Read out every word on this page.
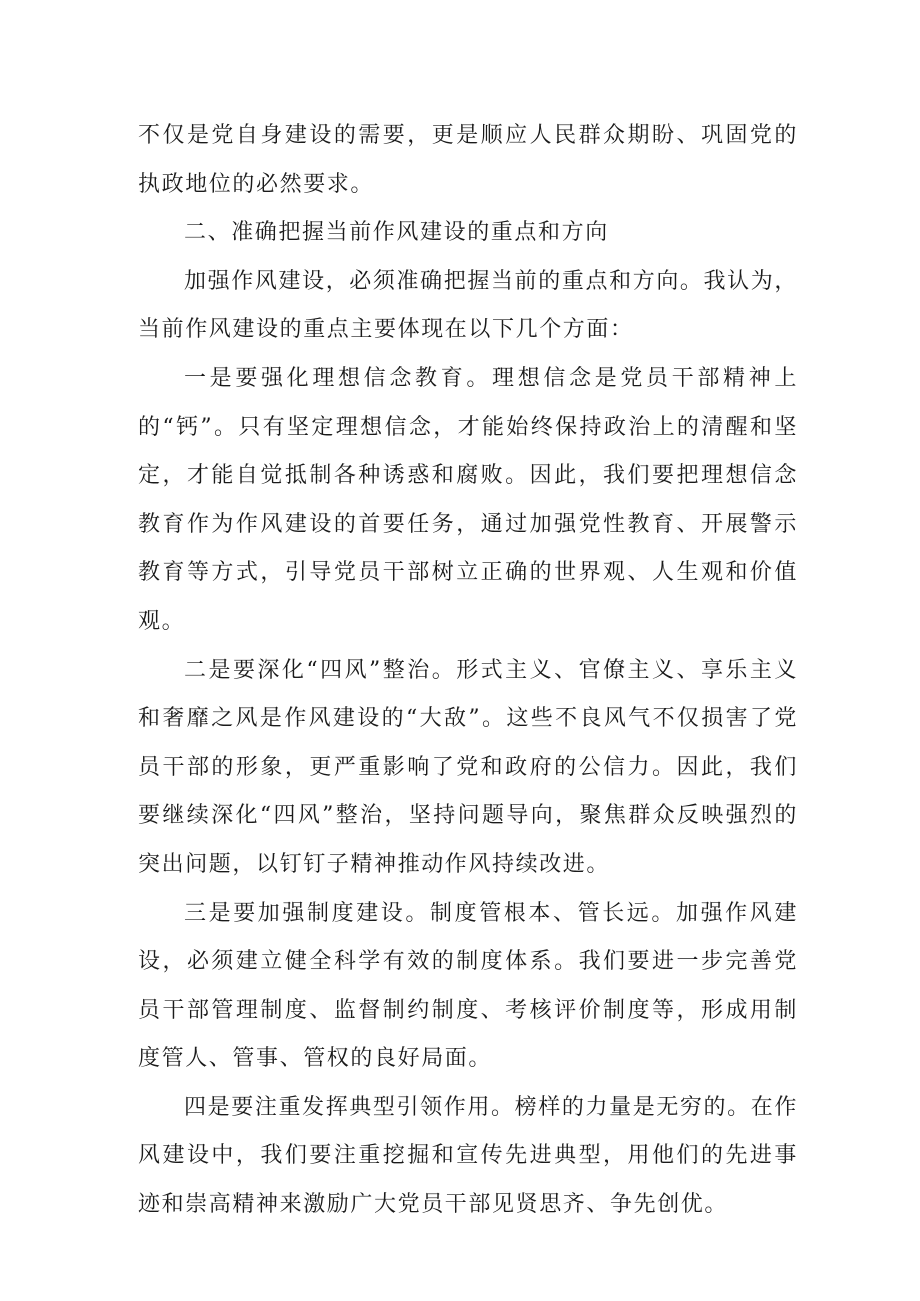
不仅是党自身建设的需要，更是顺应人民群众期盼、巩固党的执政地位的必然要求。

二、准确把握当前作风建设的重点和方向

加强作风建设，必须准确把握当前的重点和方向。我认为，当前作风建设的重点主要体现在以下几个方面：

一是要强化理想信念教育。理想信念是党员干部精神上的“钙”。只有坚定理想信念，才能始终保持政治上的清醒和坚定，才能自觉抵制各种诱惑和腐败。因此，我们要把理想信念教育作为作风建设的首要任务，通过加强党性教育、开展警示教育等方式，引导党员干部树立正确的世界观、人生观和价值观。

二是要深化“四风”整治。形式主义、官僚主义、享乐主义和奢靡之风是作风建设的“大敌”。这些不良风气不仅损害了党员干部的形象，更严重影响了党和政府的公信力。因此，我们要继续深化“四风”整治，坚持问题导向，聚焦群众反映强烈的突出问题，以钉钉子精神推动作风持续改进。

三是要加强制度建设。制度管根本、管长远。加强作风建设，必须建立健全科学有效的制度体系。我们要进一步完善党员干部管理制度、监督制约制度、考核评价制度等，形成用制度管人、管事、管权的良好局面。

四是要注重发挥典型引领作用。榜样的力量是无穷的。在作风建设中，我们要注重挖掘和宣传先进典型，用他们的先进事迹和崇高精神来激励广大党员干部见贤思齐、争先创优。
